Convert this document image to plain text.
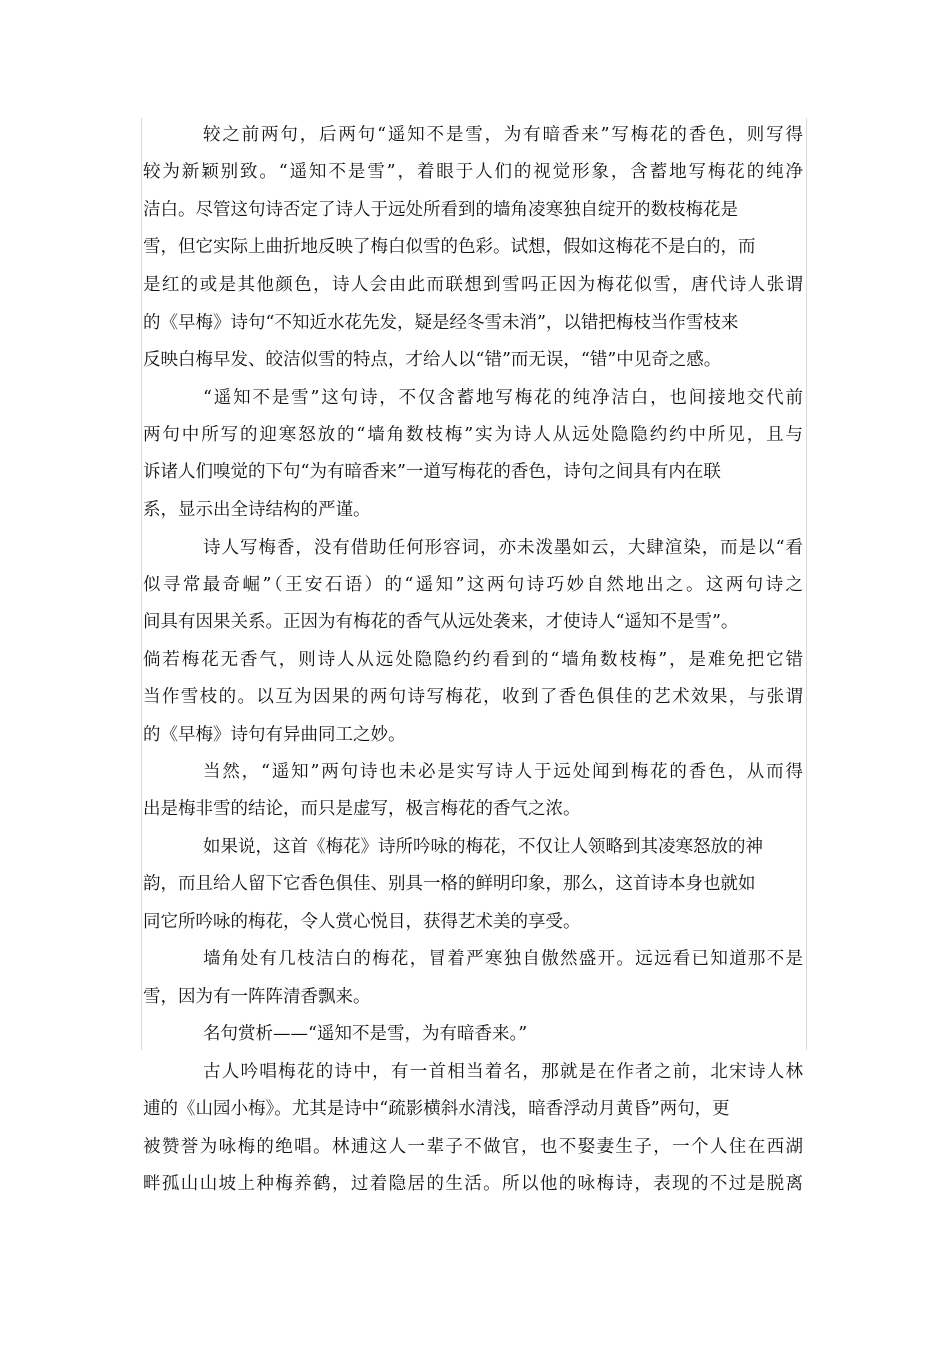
较之前两句，后两句“遥知不是雪，为有暗香来”写梅花的香色，则写得

较为新颖别致。“遥知不是雪”，着眼于人们的视觉形象，含蓄地写梅花的纯净

洁白。尽管这句诗否定了诗人于远处所看到的墙角凌寒独自绽开的数枝梅花是

雪，但它实际上曲折地反映了梅白似雪的色彩。试想，假如这梅花不是白的，而

是红的或是其他颜色，诗人会由此而联想到雪吗正因为梅花似雪，唐代诗人张谓

的《早梅》诗句“不知近水花先发，疑是经冬雪未消”，以错把梅枝当作雪枝来

反映白梅早发、皎洁似雪的特点，才给人以“错”而无误，“错”中见奇之感。

“遥知不是雪”这句诗，不仅含蓄地写梅花的纯净洁白，也间接地交代前

两句中所写的迎寒怒放的“墙角数枝梅”实为诗人从远处隐隐约约中所见，且与

诉诸人们嗅觉的下句“为有暗香来”一道写梅花的香色，诗句之间具有内在联

系，显示出全诗结构的严谨。

诗人写梅香，没有借助任何形容词，亦未泼墨如云，大肆渲染，而是以“看

似寻常最奇崛”（王安石语）的“遥知”这两句诗巧妙自然地出之。这两句诗之

间具有因果关系。正因为有梅花的香气从远处袭来，才使诗人“遥知不是雪”。

倘若梅花无香气，则诗人从远处隐隐约约看到的“墙角数枝梅”，是难免把它错

当作雪枝的。以互为因果的两句诗写梅花，收到了香色俱佳的艺术效果，与张谓

的《早梅》诗句有异曲同工之妙。

当然，“遥知”两句诗也未必是实写诗人于远处闻到梅花的香色，从而得

出是梅非雪的结论，而只是虚写，极言梅花的香气之浓。

如果说，这首《梅花》诗所吟咏的梅花，不仅让人领略到其凌寒怒放的神

韵，而且给人留下它香色俱佳、别具一格的鲜明印象，那么，这首诗本身也就如

同它所吟咏的梅花，令人赏心悦目，获得艺术美的享受。

墙角处有几枝洁白的梅花，冒着严寒独自傲然盛开。远远看已知道那不是

雪，因为有一阵阵清香飘来。

名句赏析——“遥知不是雪，为有暗香来。”

古人吟唱梅花的诗中，有一首相当着名，那就是在作者之前，北宋诗人林

逋的《山园小梅》。尤其是诗中“疏影横斜水清浅，暗香浮动月黄昏”两句，更

被赞誉为咏梅的绝唱。林逋这人一辈子不做官，也不娶妻生子，一个人住在西湖

畔孤山山坡上种梅养鹤，过着隐居的生活。所以他的咏梅诗，表现的不过是脱离
